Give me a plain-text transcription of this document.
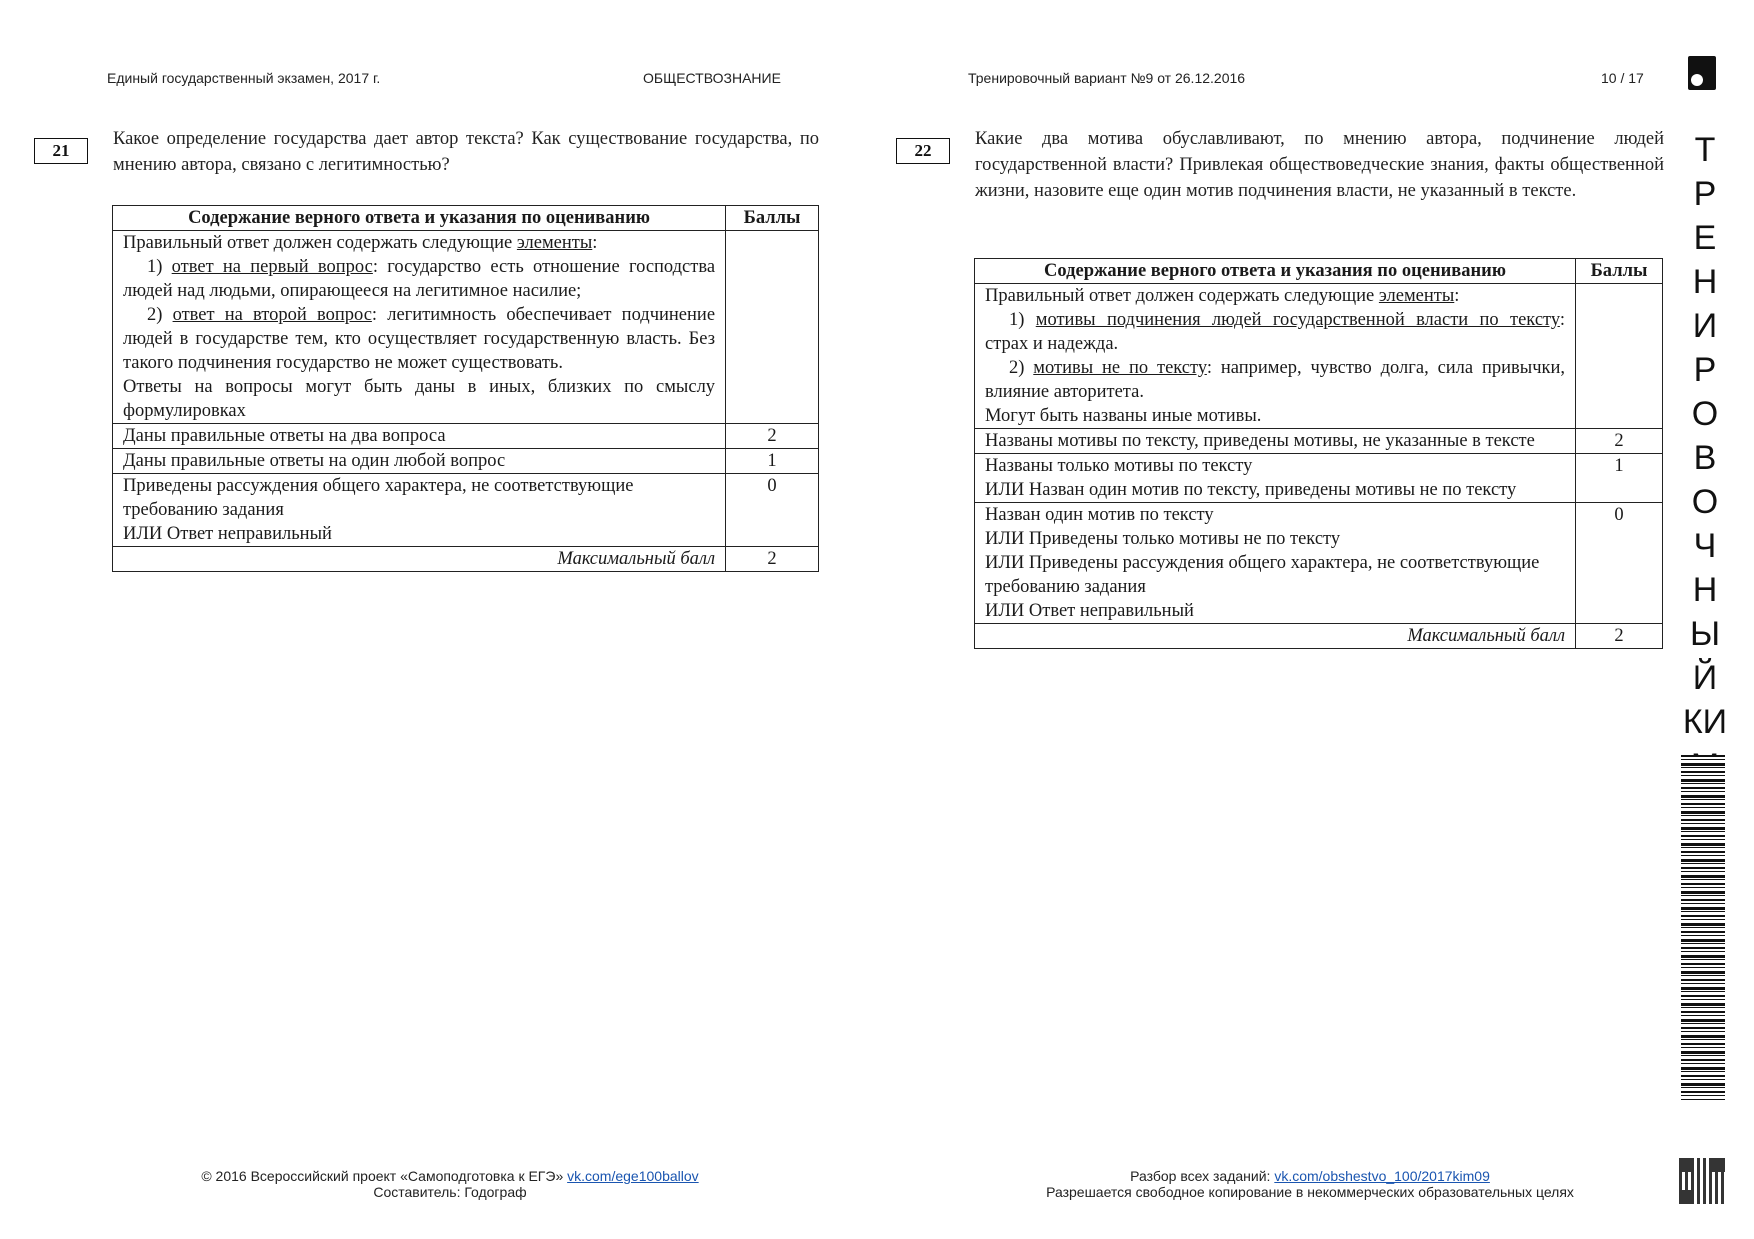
Единый государственный экзамен, 2017 г.	ОБЩЕСТВОЗНАНИЕ	Тренировочный вариант №9 от 26.12.2016	10 / 17
21
Какое определение государства дает автор текста? Как существование государства, по мнению автора, связано с легитимностью?
Содержание верного ответа и указания по оцениванию	Баллы

Правильный ответ должен содержать следующие элементы:
1) ответ на первый вопрос: государство есть отношение господства людей над людьми, опирающееся на легитимное насилие;
2) ответ на второй вопрос: легитимность обеспечивает подчинение людей в государстве тем, кто осуществляет государственную власть. Без такого подчинения государство не может существовать.
Ответы на вопросы могут быть даны в иных, близких по смыслу формулировках	

Даны правильные ответы на два вопроса	2
Даны правильные ответы на один любой вопрос	1

Приведены рассуждения общего характера, не соответствующие требованию задания
ИЛИ Ответ неправильный	0
Максимальный балл	2
22
Какие два мотива обуславливают, по мнению автора, подчинение людей государственной власти? Привлекая обществоведческие знания, факты общественной жизни, назовите еще один мотив подчинения власти, не указанный в тексте.
Содержание верного ответа и указания по оцениванию	Баллы

Правильный ответ должен содержать следующие элементы:
1) мотивы подчинения людей государственной власти по тексту: страх и надежда.
2) мотивы не по тексту: например, чувство долга, сила привычки, влияние авторитета.
Могут быть названы иные мотивы.	

Названы мотивы по тексту, приведены мотивы, не указанные в тексте	2

Названы только мотивы по тексту
ИЛИ Назван один мотив по тексту, приведены мотивы не по тексту	1

Назван один мотив по тексту
ИЛИ Приведены только мотивы не по тексту
ИЛИ Приведены рассуждения общего характера, не соответствующие требованию задания
ИЛИ Ответ неправильный	0
Максимальный балл	2
Т
Р
Е
Н
И
Р
О
В
О
Ч
Н
Ы
Й
КИ
© 2016 Всероссийский проект «Самоподготовка к ЕГЭ» vk.com/ege100ballov
Составитель: Годограф
Разбор всех заданий: vk.com/obshestvo_100/2017kim09
Разрешается свободное копирование в некоммерческих образовательных целях
